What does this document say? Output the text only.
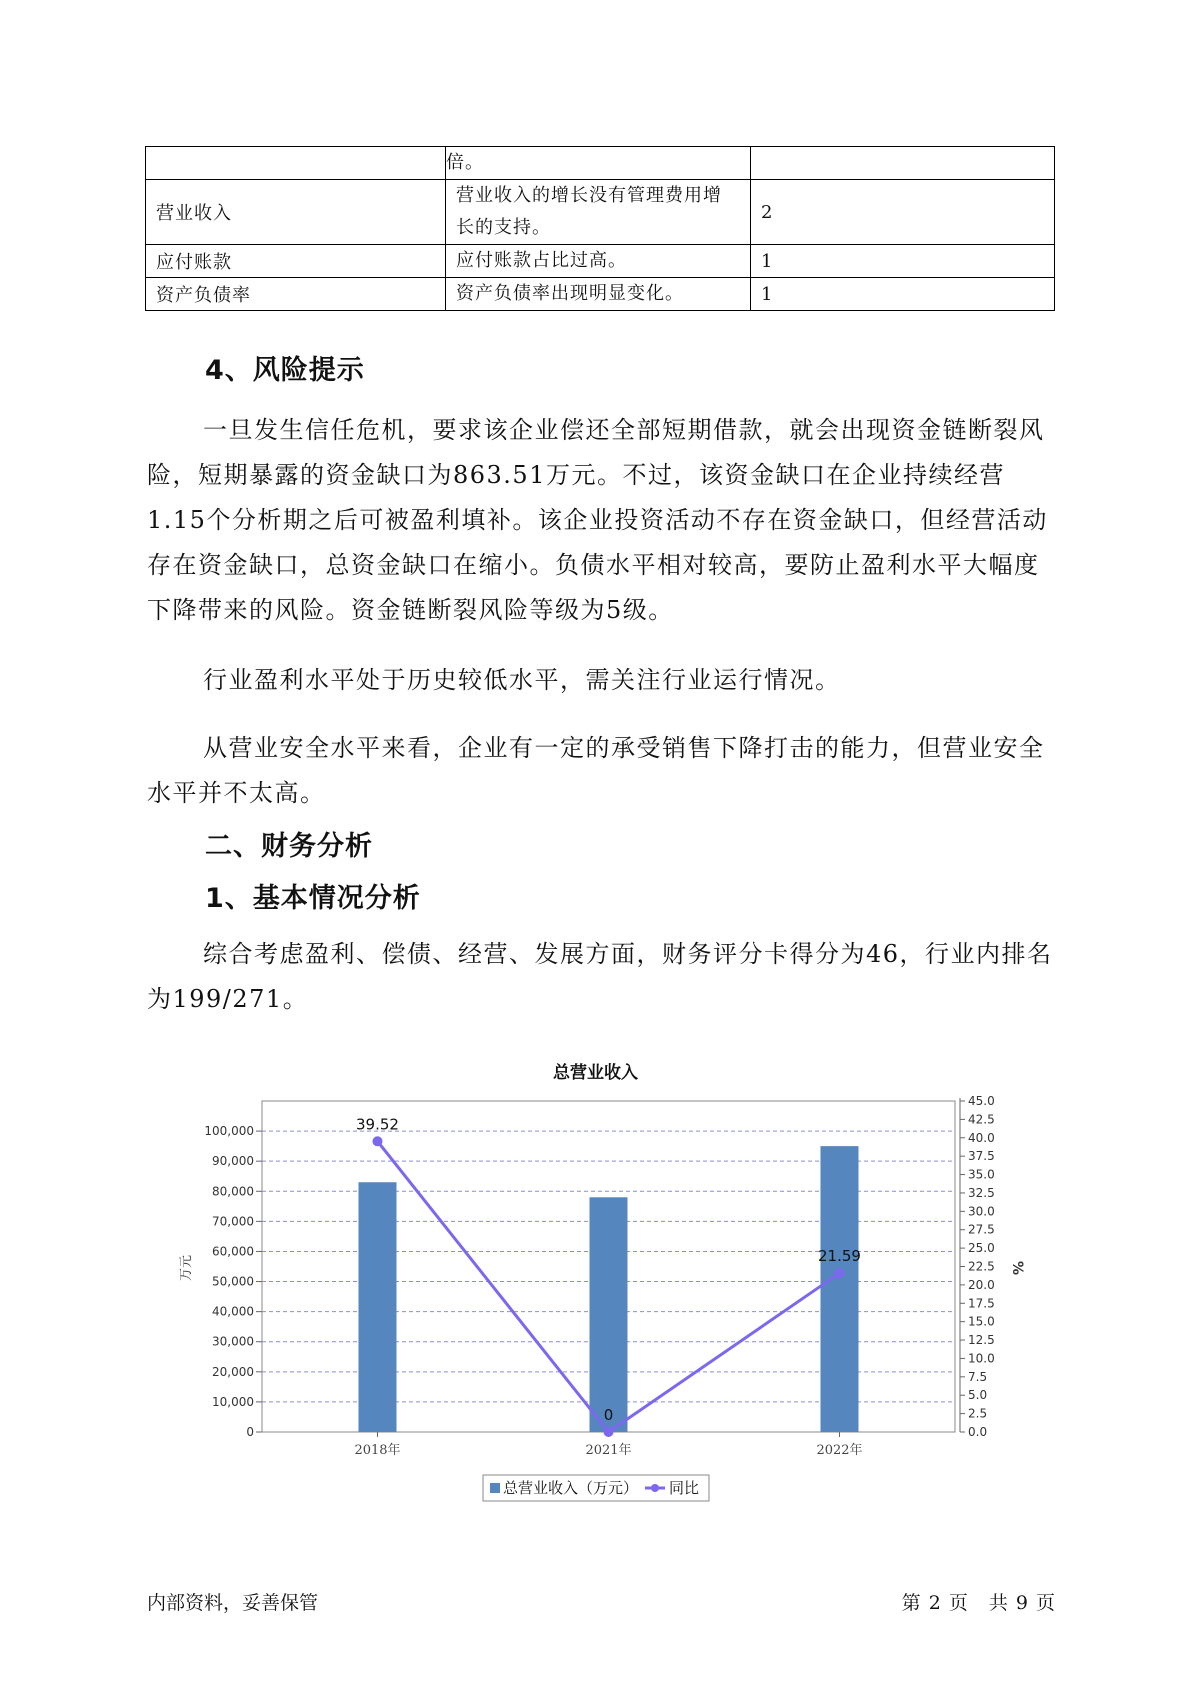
	倍。	
营业收入	营业收入的增长没有管理费用增长的支持。	2
应付账款	应付账款占比过高。	1
资产负债率	资产负债率出现明显变化。	1
4、风险提示

一旦发生信任危机，要求该企业偿还全部短期借款，就会出现资金链断裂风险，短期暴露的资金缺口为863.51万元。不过，该资金缺口在企业持续经营 1.15个分析期之后可被盈利填补。该企业投资活动不存在资金缺口，但经营活动存在资金缺口，总资金缺口在缩小。负债水平相对较高，要防止盈利水平大幅度下降带来的风险。资金链断裂风险等级为5级。

行业盈利水平处于历史较低水平，需关注行业运行情况。

从营业安全水平来看，企业有一定的承受销售下降打击的能力，但营业安全水平并不太高。

二、财务分析
1、基本情况分析

综合考虑盈利、偿债、经营、发展方面，财务评分卡得分为46，行业内排名为199/271。

总营业收入
0
10,000
20,000
30,000
40,000
50,000
60,000
70,000
80,000
90,000
100,000
0.0
2.5
5.0
7.5
10.0
12.5
15.0
17.5
20.0
22.5
25.0
27.5
30.0
32.5
35.0
37.5
40.0
42.5
45.0
万元	%
2018年	2021年	2022年
39.52
0
21.59
总营业收入（万元） 同比
内部资料，妥善保管	第 2 页　共 9 页
